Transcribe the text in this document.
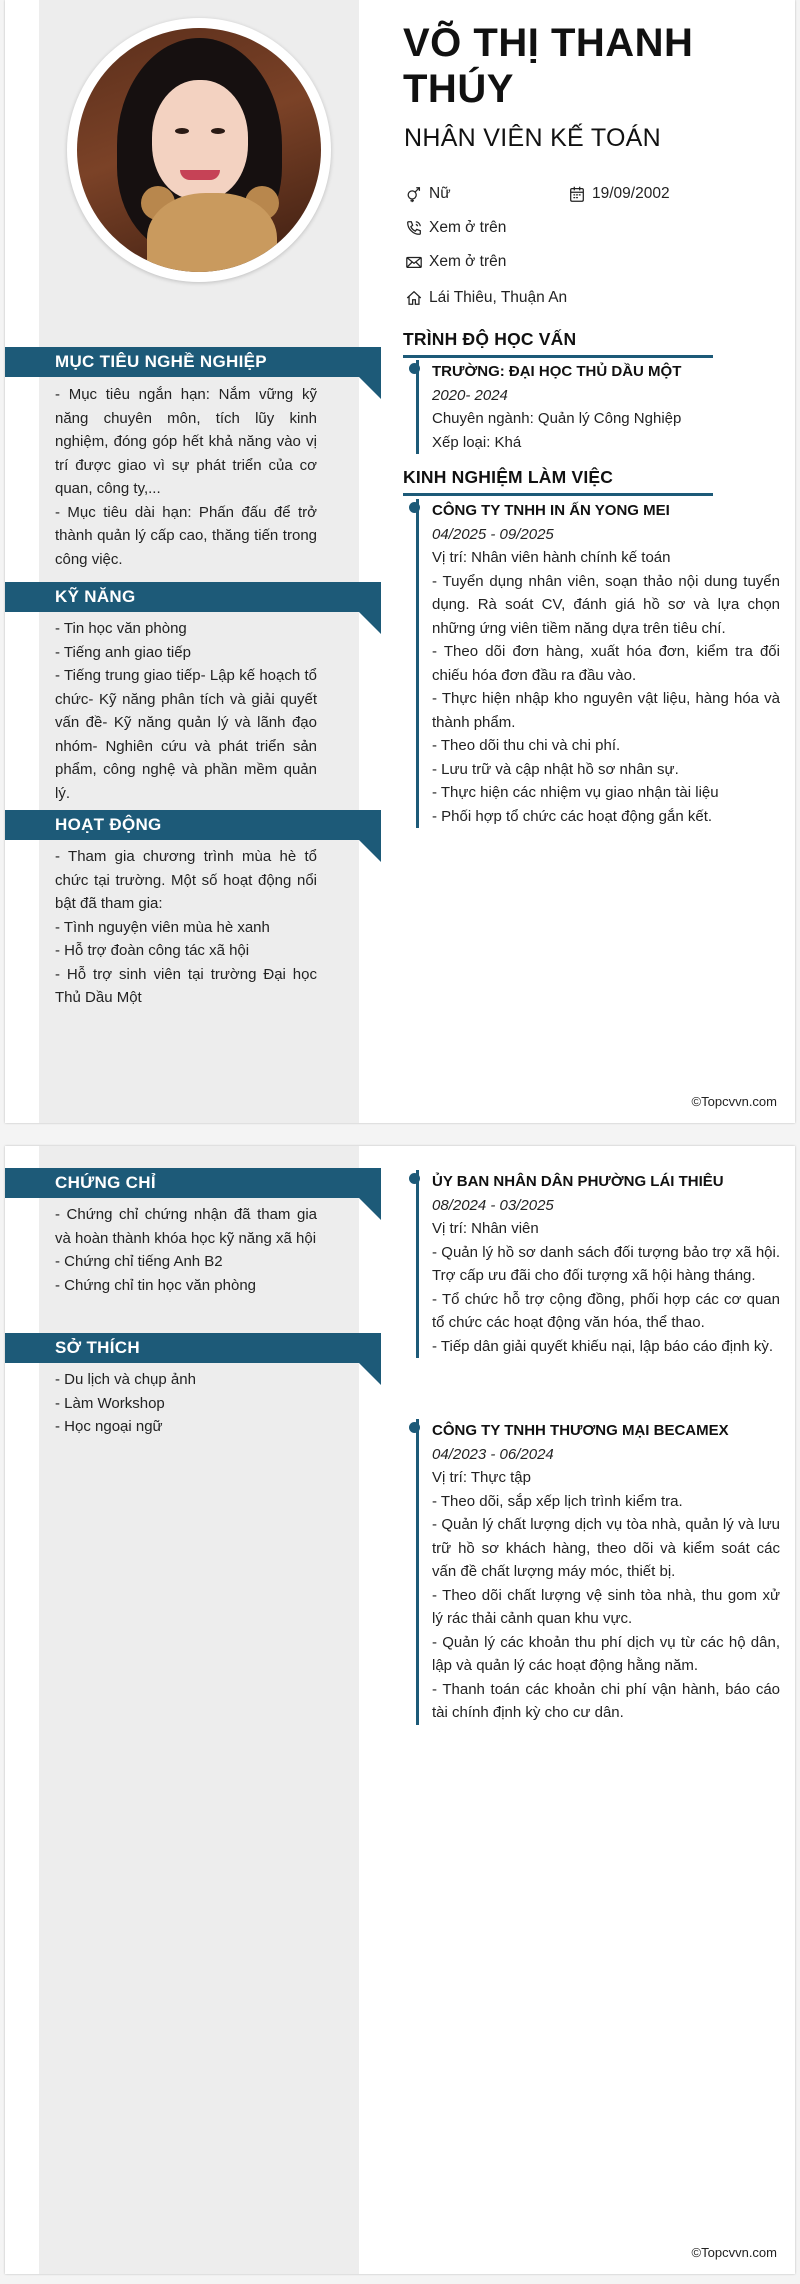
VÕ THỊ THANH THÚY
NHÂN VIÊN KẾ TOÁN
Nữ	19/09/2002
Xem ở trên
Xem ở trên
Lái Thiêu, Thuận An
MỤC TIÊU NGHỀ NGHIỆP

- Mục tiêu ngắn hạn: Nắm vững kỹ năng chuyên môn, tích lũy kinh nghiệm, đóng góp hết khả năng vào vị trí được giao vì sự phát triển của cơ quan, công ty,...

- Mục tiêu dài hạn: Phấn đấu để trở thành quản lý cấp cao, thăng tiến trong công việc.

KỸ NĂNG

- Tin học văn phòng

- Tiếng anh giao tiếp

- Tiếng trung giao tiếp- Lập kế hoạch tổ chức- Kỹ năng phân tích và giải quyết vấn đề- Kỹ năng quản lý và lãnh đạo nhóm- Nghiên cứu và phát triển sản phẩm, công nghệ và phần mềm quản lý.

HOẠT ĐỘNG

- Tham gia chương trình mùa hè tổ chức tại trường. Một số hoạt động nổi bật đã tham gia:

- Tình nguyện viên mùa hè xanh

- Hỗ trợ đoàn công tác xã hội

- Hỗ trợ sinh viên tại trường Đại học Thủ Dầu Một

TRÌNH ĐỘ HỌC VẤN

TRƯỜNG: ĐẠI HỌC THỦ DẦU MỘT

2020- 2024

Chuyên ngành: Quản lý Công Nghiệp

Xếp loại: Khá

KINH NGHIỆM LÀM VIỆC

CÔNG TY TNHH IN ẤN YONG MEI

04/2025 - 09/2025

Vị trí: Nhân viên hành chính kế toán

- Tuyển dụng nhân viên, soạn thảo nội dung tuyển dụng. Rà soát CV, đánh giá hồ sơ và lựa chọn những ứng viên tiềm năng dựa trên tiêu chí.

- Theo dõi đơn hàng, xuất hóa đơn, kiểm tra đối chiếu hóa đơn đầu ra đầu vào.

- Thực hiện nhập kho nguyên vật liệu, hàng hóa và thành phẩm.

- Theo dõi thu chi và chi phí.

- Lưu trữ và cập nhật hồ sơ nhân sự.

- Thực hiện các nhiệm vụ giao nhận tài liệu

- Phối hợp tổ chức các hoạt động gắn kết.

©Topcvvn.com
CHỨNG CHỈ

- Chứng chỉ chứng nhận đã tham gia và hoàn thành khóa học kỹ năng xã hội

- Chứng chỉ tiếng Anh B2

- Chứng chỉ tin học văn phòng

SỞ THÍCH

- Du lịch và chụp ảnh

- Làm Workshop

- Học ngoại ngữ

ỦY BAN NHÂN DÂN PHƯỜNG LÁI THIÊU

08/2024 - 03/2025

Vị trí: Nhân viên

- Quản lý hồ sơ danh sách đối tượng bảo trợ xã hội. Trợ cấp ưu đãi cho đối tượng xã hội hàng tháng.

- Tổ chức hỗ trợ cộng đồng, phối hợp các cơ quan tổ chức các hoạt động văn hóa, thể thao.

- Tiếp dân giải quyết khiếu nại, lập báo cáo định kỳ.

CÔNG TY TNHH THƯƠNG MẠI BECAMEX

04/2023 - 06/2024

Vị trí: Thực tập

- Theo dõi, sắp xếp lịch trình kiểm tra.

- Quản lý chất lượng dịch vụ tòa nhà, quản lý và lưu trữ hồ sơ khách hàng, theo dõi và kiểm soát các vấn đề chất lượng máy móc, thiết bị.

- Theo dõi chất lượng vệ sinh tòa nhà, thu gom xử lý rác thải cảnh quan khu vực.

- Quản lý các khoản thu phí dịch vụ từ các hộ dân, lập và quản lý các hoạt động hằng năm.

- Thanh toán các khoản chi phí vận hành, báo cáo tài chính định kỳ cho cư dân.

©Topcvvn.com
